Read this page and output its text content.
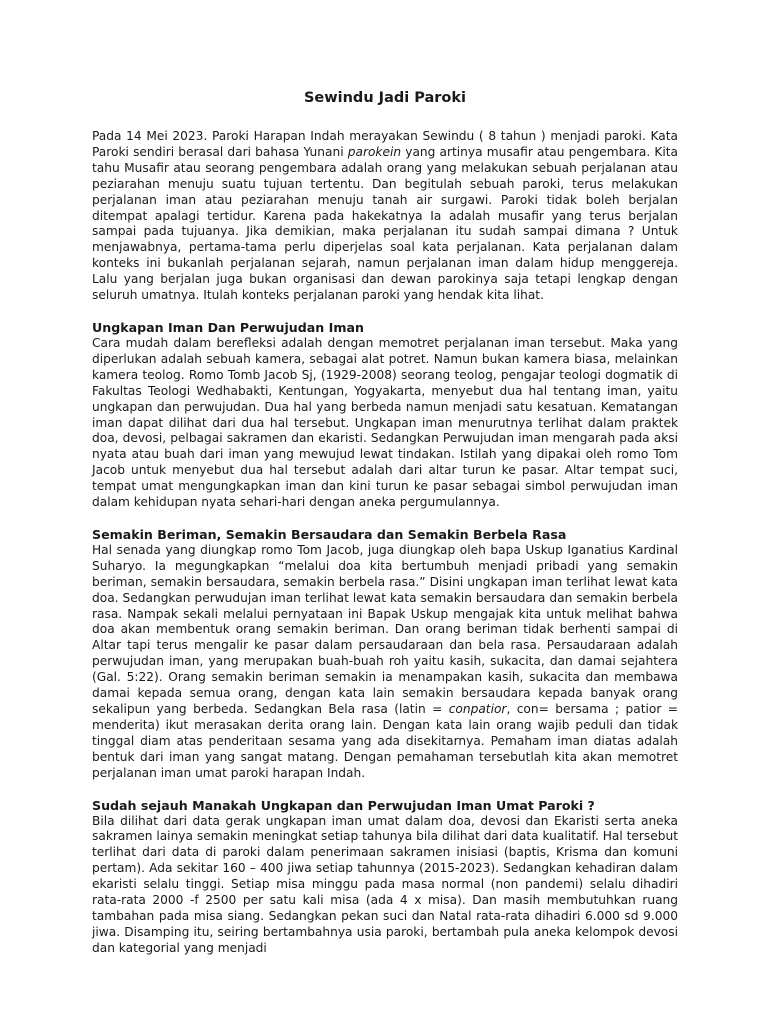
Sewindu Jadi Paroki

Pada 14 Mei 2023. Paroki Harapan Indah merayakan Sewindu ( 8 tahun ) menjadi paroki. Kata Paroki sendiri berasal dari bahasa Yunani parokein yang artinya musafir atau pengembara. Kita tahu Musafir atau seorang pengembara adalah orang yang melakukan sebuah perjalanan atau peziarahan menuju suatu tujuan tertentu. Dan begitulah sebuah paroki, terus melakukan perjalanan iman atau peziarahan menuju tanah air surgawi. Paroki tidak boleh berjalan ditempat apalagi tertidur. Karena pada hakekatnya Ia adalah musafir yang terus berjalan sampai pada tujuanya. Jika demikian, maka perjalanan itu sudah sampai dimana ? Untuk menjawabnya, pertama-tama perlu diperjelas soal kata perjalanan. Kata perjalanan dalam konteks ini bukanlah perjalanan sejarah, namun perjalanan iman dalam hidup menggereja. Lalu yang berjalan juga bukan organisasi dan dewan parokinya saja tetapi lengkap dengan seluruh umatnya. Itulah konteks perjalanan paroki yang hendak kita lihat.

Ungkapan Iman Dan Perwujudan Iman

Cara mudah dalam berefleksi adalah dengan memotret perjalanan iman tersebut. Maka yang diperlukan adalah sebuah kamera, sebagai alat potret. Namun bukan kamera biasa, melainkan kamera teolog. Romo Tomb Jacob Sj, (1929-2008) seorang teolog, pengajar teologi dogmatik di Fakultas Teologi Wedhabakti, Kentungan, Yogyakarta, menyebut dua hal tentang iman, yaitu ungkapan dan perwujudan. Dua hal yang berbeda namun menjadi satu kesatuan. Kematangan iman dapat dilihat dari dua hal tersebut. Ungkapan iman menurutnya terlihat dalam praktek doa, devosi, pelbagai sakramen dan ekaristi. Sedangkan Perwujudan iman mengarah pada aksi nyata atau buah dari iman yang mewujud lewat tindakan. Istilah yang dipakai oleh romo Tom Jacob untuk menyebut dua hal tersebut adalah dari altar turun ke pasar. Altar tempat suci, tempat umat mengungkapkan iman dan kini turun ke pasar sebagai simbol perwujudan iman dalam kehidupan nyata sehari-hari dengan aneka pergumulannya.

Semakin Beriman, Semakin Bersaudara dan Semakin Berbela Rasa

Hal senada yang diungkap romo Tom Jacob, juga diungkap oleh bapa Uskup Iganatius Kardinal Suharyo. Ia megungkapkan “melalui doa kita bertumbuh menjadi pribadi yang semakin beriman, semakin bersaudara, semakin berbela rasa.” Disini ungkapan iman terlihat lewat kata doa. Sedangkan perwudujan iman terlihat lewat kata semakin bersaudara dan semakin berbela rasa. Nampak sekali melalui pernyataan ini Bapak Uskup mengajak kita untuk melihat bahwa doa akan membentuk orang semakin beriman. Dan orang beriman tidak berhenti sampai di Altar tapi terus mengalir ke pasar dalam persaudaraan dan bela rasa. Persaudaraan adalah perwujudan iman, yang merupakan buah-buah roh yaitu kasih, sukacita, dan damai sejahtera (Gal. 5:22). Orang semakin beriman semakin ia menampakan kasih, sukacita dan membawa damai kepada semua orang, dengan kata lain semakin bersaudara kepada banyak orang sekalipun yang berbeda. Sedangkan Bela rasa (latin = conpatior, con= bersama ; patior = menderita) ikut merasakan derita orang lain. Dengan kata lain orang wajib peduli dan tidak tinggal diam atas penderitaan sesama yang ada disekitarnya. Pemaham iman diatas adalah bentuk dari iman yang sangat matang. Dengan pemahaman tersebutlah kita akan memotret perjalanan iman umat paroki harapan Indah.

Sudah sejauh Manakah Ungkapan dan Perwujudan Iman Umat Paroki ?

Bila dilihat dari data gerak ungkapan iman umat dalam doa, devosi dan Ekaristi serta aneka sakramen lainya semakin meningkat setiap tahunya bila dilihat dari data kualitatif. Hal tersebut terlihat dari data di paroki dalam penerimaan sakramen inisiasi (baptis, Krisma dan komuni pertam). Ada sekitar 160 – 400 jiwa setiap tahunnya (2015-2023). Sedangkan kehadiran dalam ekaristi selalu tinggi. Setiap misa minggu pada masa normal (non pandemi) selalu dihadiri rata-rata 2000 -f 2500 per satu kali misa (ada 4 x misa). Dan masih membutuhkan ruang tambahan pada misa siang. Sedangkan pekan suci dan Natal rata-rata dihadiri 6.000 sd 9.000 jiwa. Disamping itu, seiring bertambahnya usia paroki, bertambah pula aneka kelompok devosi dan kategorial yang menjadi
